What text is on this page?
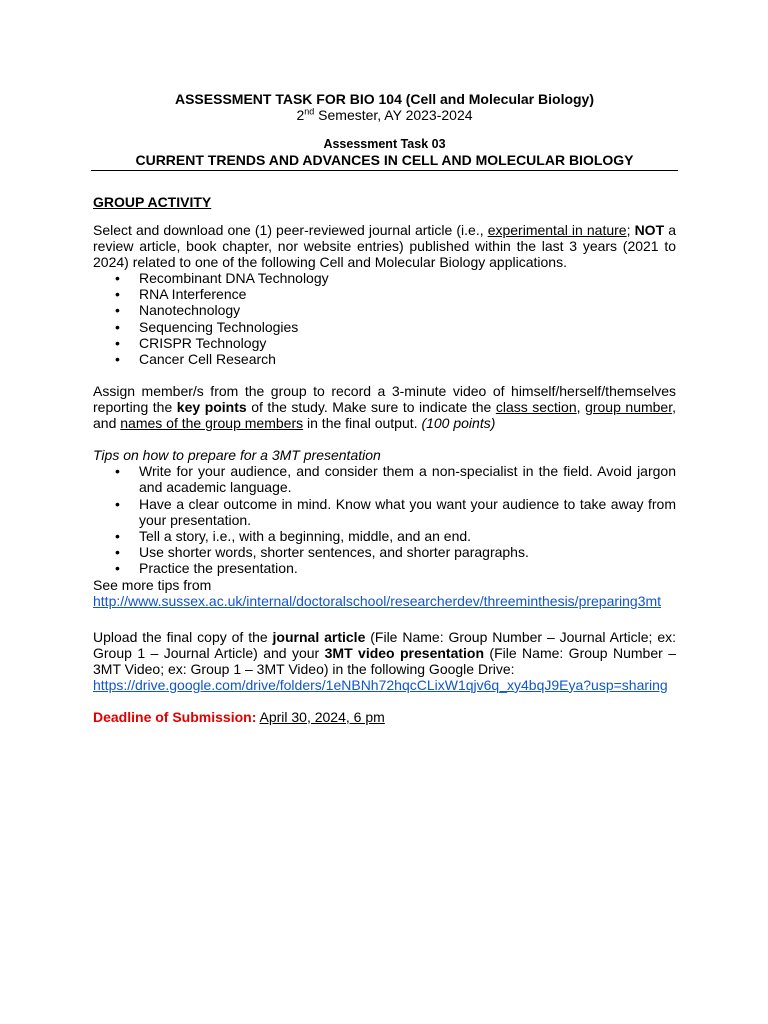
ASSESSMENT TASK FOR BIO 104 (Cell and Molecular Biology)
2nd Semester, AY 2023-2024
Assessment Task 03
CURRENT TRENDS AND ADVANCES IN CELL AND MOLECULAR BIOLOGY
GROUP ACTIVITY

Select and download one (1) peer-reviewed journal article (i.e., experimental in nature; NOT a review article, book chapter, nor website entries) published within the last 3 years (2021 to 2024) related to one of the following Cell and Molecular Biology applications.

• Recombinant DNA Technology
• RNA Interference
• Nanotechnology
• Sequencing Technologies
• CRISPR Technology
• Cancer Cell Research

Assign member/s from the group to record a 3-minute video of himself/herself/themselves reporting the key points of the study. Make sure to indicate the class section, group number, and names of the group members in the final output. (100 points)

Tips on how to prepare for a 3MT presentation

• Write for your audience, and consider them a non-specialist in the field. Avoid jargon and academic language.
• Have a clear outcome in mind. Know what you want your audience to take away from your presentation.
• Tell a story, i.e., with a beginning, middle, and an end.
• Use shorter words, shorter sentences, and shorter paragraphs.
• Practice the presentation.

See more tips from

http://www.sussex.ac.uk/internal/doctoralschool/researcherdev/threeminthesis/preparing3mt

Upload the final copy of the journal article (File Name: Group Number – Journal Article; ex: Group 1 – Journal Article) and your 3MT video presentation (File Name: Group Number – 3MT Video; ex: Group 1 – 3MT Video) in the following Google Drive:

https://drive.google.com/drive/folders/1eNBNh72hqcCLixW1qjv6q_xy4bqJ9Eya?usp=sharing

Deadline of Submission: April 30, 2024, 6 pm
